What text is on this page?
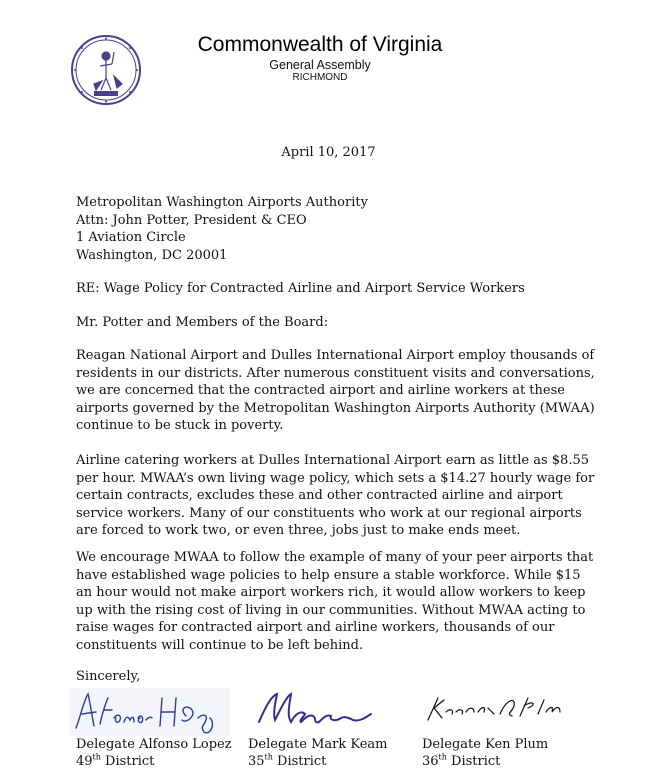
Commonwealth of Virginia
General Assembly
RICHMOND
April 10, 2017

Metropolitan Washington Airports Authority

Attn: John Potter, President & CEO

1 Aviation Circle

Washington, DC 20001

RE: Wage Policy for Contracted Airline and Airport Service Workers
Mr. Potter and Members of the Board:
Reagan National Airport and Dulles International Airport employ thousands of residents in our districts. After numerous constituent visits and conversations, we are concerned that the contracted airport and airline workers at these airports governed by the Metropolitan Washington Airports Authority (MWAA) continue to be stuck in poverty.
Airline catering workers at Dulles International Airport earn as little as $8.55 per hour. MWAA’s own living wage policy, which sets a $14.27 hourly wage for certain contracts, excludes these and other contracted airline and airport service workers. Many of our constituents who work at our regional airports are forced to work two, or even three, jobs just to make ends meet.
We encourage MWAA to follow the example of many of your peer airports that have established wage policies to help ensure a stable workforce. While $15 an hour would not make airport workers rich, it would allow workers to keep up with the rising cost of living in our communities. Without MWAA acting to raise wages for contracted airport and airline workers, thousands of our constituents will continue to be left behind.
Sincerely,
Delegate Alfonso Lopez
49th District
Delegate Mark Keam
35th District
Delegate Ken Plum
36th District
